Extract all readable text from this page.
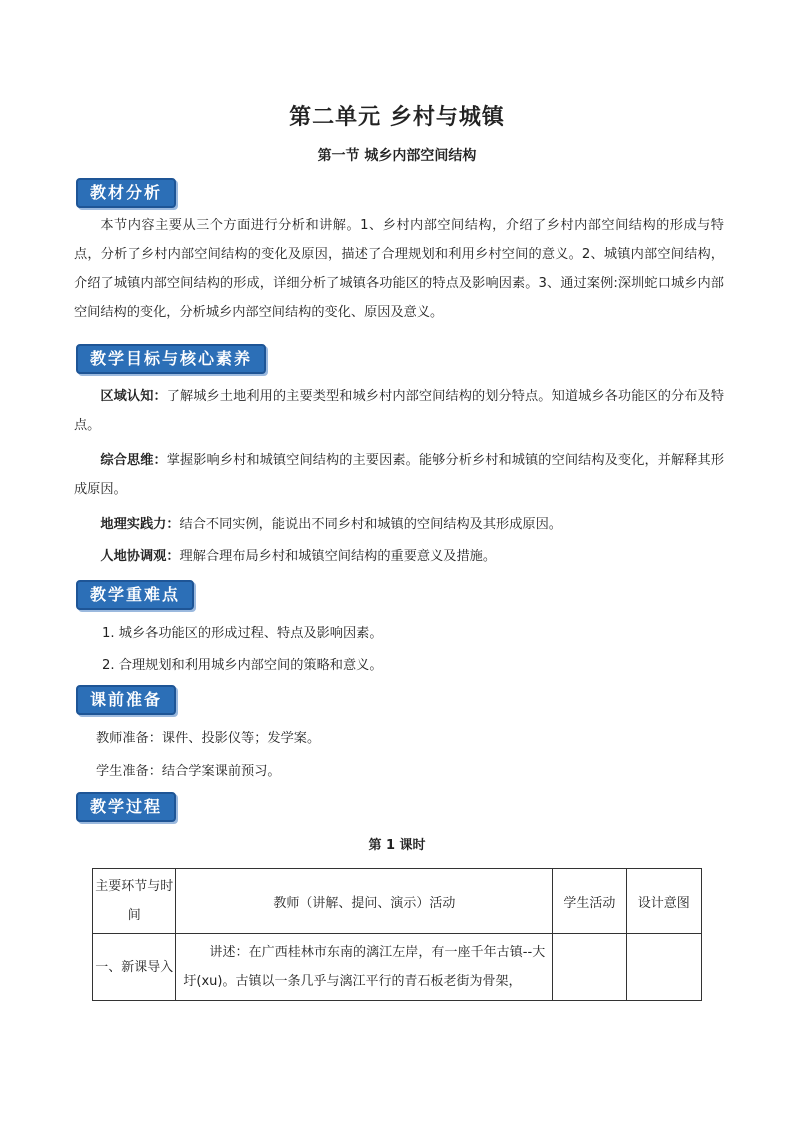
第二单元 乡村与城镇
第一节 城乡内部空间结构
教材分析
本节内容主要从三个方面进行分析和讲解。1、乡村内部空间结构，介绍了乡村内部空间结构的形成与特点，分析了乡村内部空间结构的变化及原因，描述了合理规划和利用乡村空间的意义。2、城镇内部空间结构，介绍了城镇内部空间结构的形成，详细分析了城镇各功能区的特点及影响因素。3、通过案例:深圳蛇口城乡内部空间结构的变化，分析城乡内部空间结构的变化、原因及意义。
教学目标与核心素养
区域认知：了解城乡土地利用的主要类型和城乡村内部空间结构的划分特点。知道城乡各功能区的分布及特点。
综合思维：掌握影响乡村和城镇空间结构的主要因素。能够分析乡村和城镇的空间结构及变化，并解释其形成原因。
地理实践力：结合不同实例，能说出不同乡村和城镇的空间结构及其形成原因。
人地协调观：理解合理布局乡村和城镇空间结构的重要意义及措施。
教学重难点
1. 城乡各功能区的形成过程、特点及影响因素。
2. 合理规划和利用城乡内部空间的策略和意义。
课前准备
教师准备：课件、投影仪等；发学案。
学生准备：结合学案课前预习。
教学过程
第 1 课时
主要环节与时间	教师（讲解、提问、演示）活动	学生活动	设计意图
一、新课导入	讲述：在广西桂林市东南的漓江左岸，有一座千年古镇--大圩(xu)。古镇以一条几乎与漓江平行的青石板老街为骨架，		
